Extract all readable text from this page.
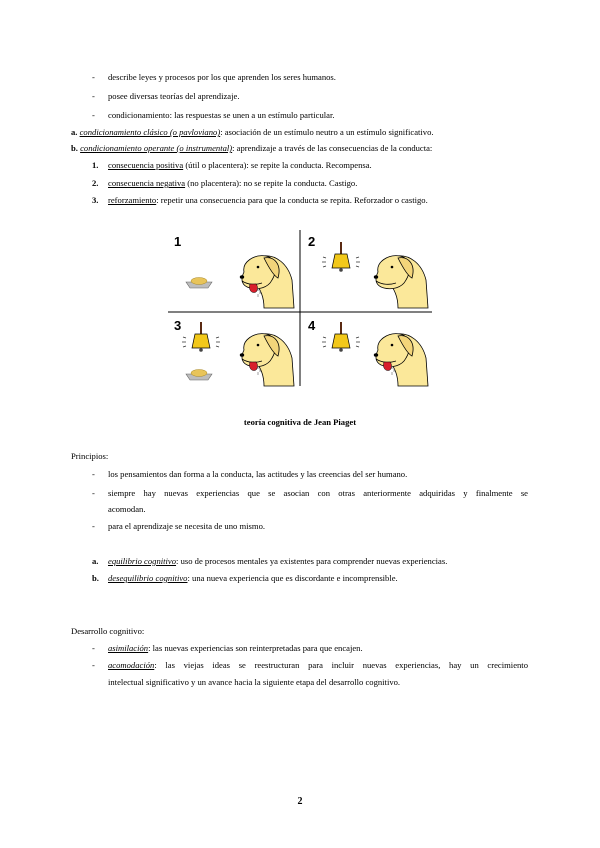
- describe leyes y procesos por los que aprenden los seres humanos.
- posee diversas teorías del aprendizaje.
- condicionamiento: las respuestas se unen a un estímulo particular.
a. condicionamiento clásico (o pavloviano): asociación de un estímulo neutro a un estímulo significativo.
b. condicionamiento operante (o instrumental): aprendizaje a través de las consecuencias de la conducta:
1. consecuencia positiva (útil o placentera): se repite la conducta. Recompensa.
2. consecuencia negativa (no placentera): no se repite la conducta. Castigo.
3. reforzamiento: repetir una consecuencia para que la conducta se repita. Reforzador o castigo.
1	2
3	4
teoría cognitiva de Jean Piaget
Principios:
- los pensamientos dan forma a la conducta, las actitudes y las creencias del ser humano.
- siempre hay nuevas experiencias que se asocian con otras anteriormente adquiridas y finalmente se
acomodan.
- para el aprendizaje se necesita de uno mismo.
a. equilibrio cognitivo: uso de procesos mentales ya existentes para comprender nuevas experiencias.
b. desequilibrio cognitivo: una nueva experiencia que es discordante e incomprensible.
Desarrollo cognitivo:
- asimilación: las nuevas experiencias son reinterpretadas para que encajen.
- acomodación: las viejas ideas se reestructuran para incluir nuevas experiencias, hay un crecimiento
intelectual significativo y un avance hacia la siguiente etapa del desarrollo cognitivo.
2
